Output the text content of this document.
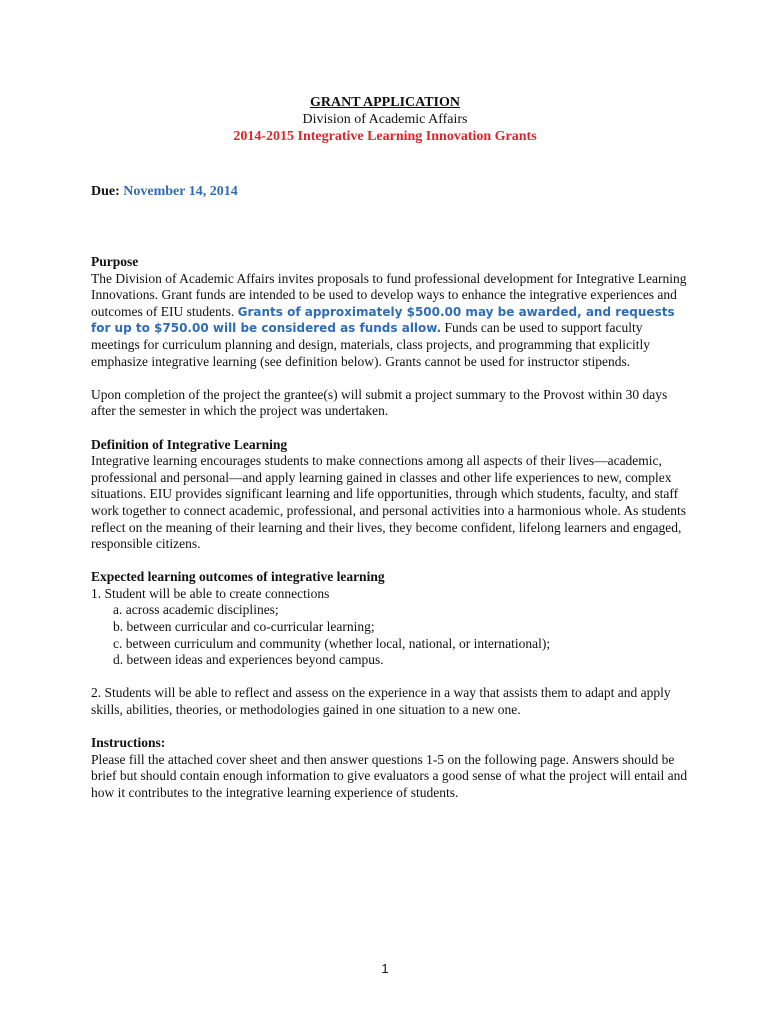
GRANT APPLICATION
Division of Academic Affairs
2014-2015 Integrative Learning Innovation Grants
Due: November 14, 2014

Purpose

The Division of Academic Affairs invites proposals to fund professional development for Integrative Learning Innovations. Grant funds are intended to be used to develop ways to enhance the integrative experiences and outcomes of EIU students. Grants of approximately $500.00 may be awarded, and requests for up to $750.00 will be considered as funds allow. Funds can be used to support faculty meetings for curriculum planning and design, materials, class projects, and programming that explicitly emphasize integrative learning (see definition below). Grants cannot be used for instructor stipends.

Upon completion of the project the grantee(s) will submit a project summary to the Provost within 30 days after the semester in which the project was undertaken.

Definition of Integrative Learning

Integrative learning encourages students to make connections among all aspects of their lives—academic, professional and personal—and apply learning gained in classes and other life experiences to new, complex situations. EIU provides significant learning and life opportunities, through which students, faculty, and staff work together to connect academic, professional, and personal activities into a harmonious whole. As students reflect on the meaning of their learning and their lives, they become confident, lifelong learners and engaged, responsible citizens.

Expected learning outcomes of integrative learning

1. Student will be able to create connections

a. across academic disciplines;

b. between curricular and co-curricular learning;

c. between curriculum and community (whether local, national, or international);

d. between ideas and experiences beyond campus.

2. Students will be able to reflect and assess on the experience in a way that assists them to adapt and apply skills, abilities, theories, or methodologies gained in one situation to a new one.

Instructions:

Please fill the attached cover sheet and then answer questions 1-5 on the following page. Answers should be brief but should contain enough information to give evaluators a good sense of what the project will entail and how it contributes to the integrative learning experience of students.

1
